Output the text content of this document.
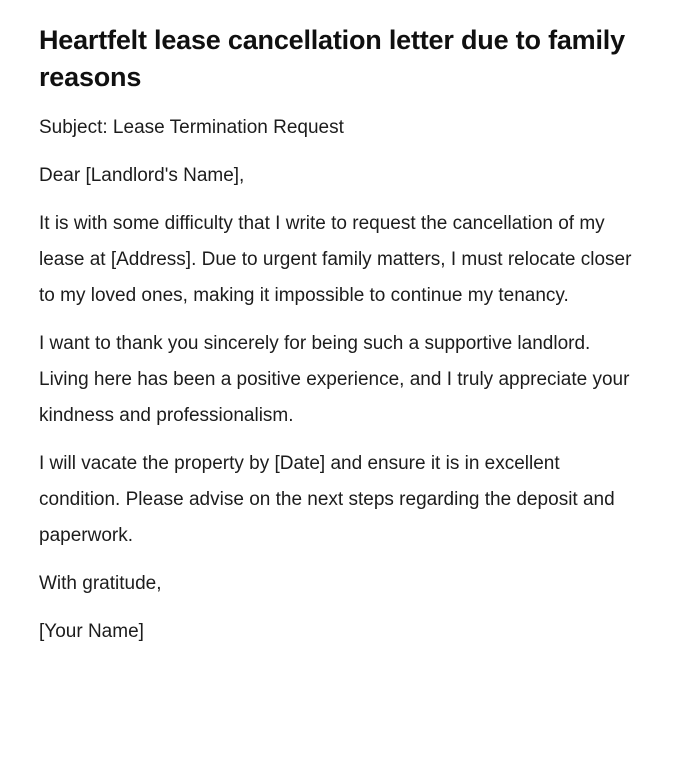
Heartfelt lease cancellation letter due to family reasons

Subject: Lease Termination Request

Dear [Landlord's Name],

It is with some difficulty that I write to request the cancellation of my lease at [Address]. Due to urgent family matters, I must relocate closer to my loved ones, making it impossible to continue my tenancy.

I want to thank you sincerely for being such a supportive landlord. Living here has been a positive experience, and I truly appreciate your kindness and professionalism.

I will vacate the property by [Date] and ensure it is in excellent condition. Please advise on the next steps regarding the deposit and paperwork.

With gratitude,

[Your Name]
